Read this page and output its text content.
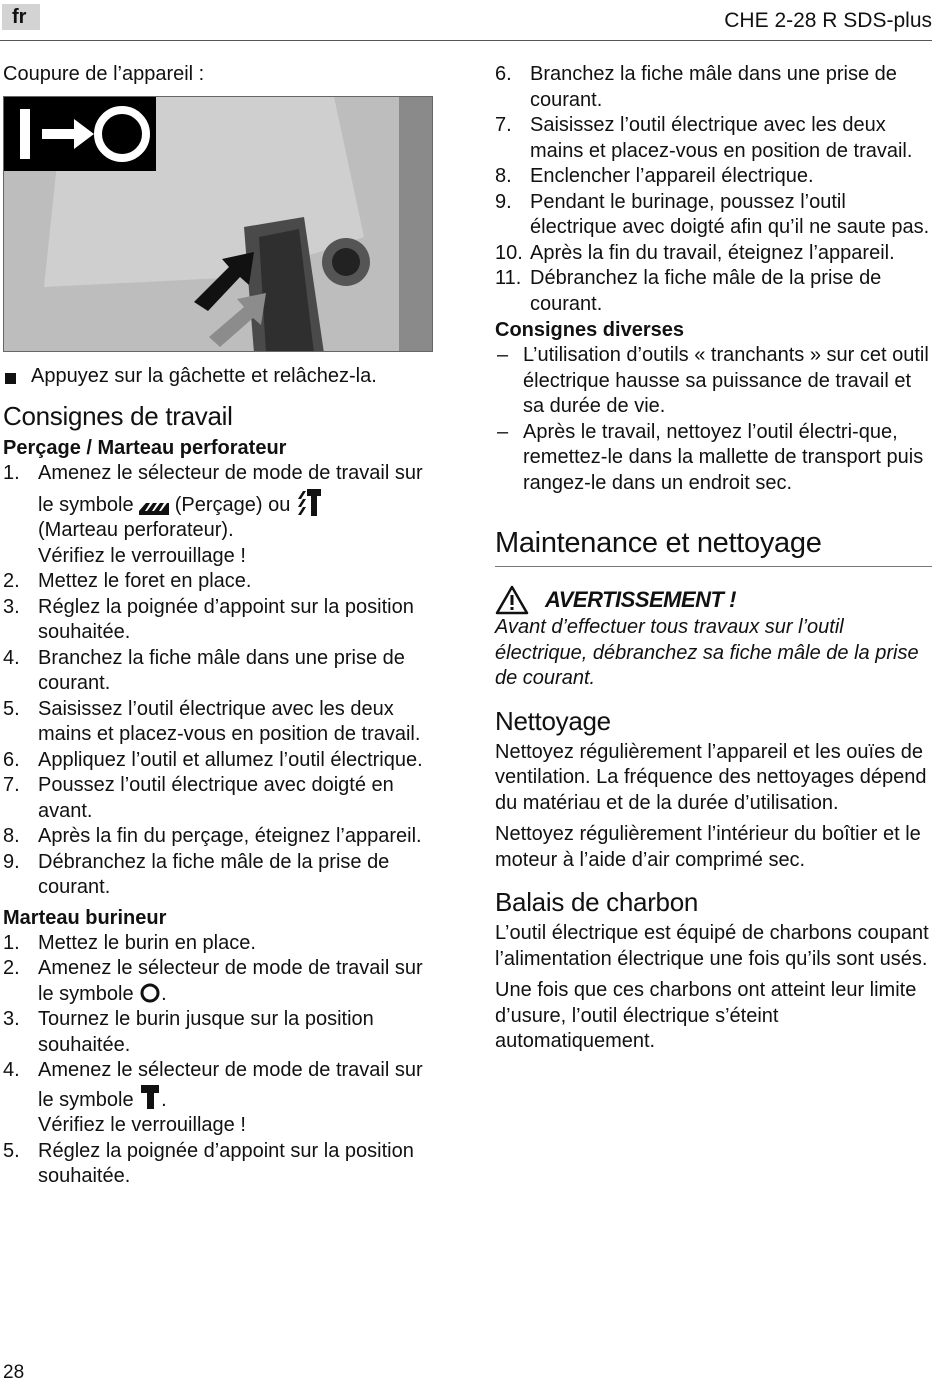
fr	CHE 2-28 R SDS-plus

Coupure de l’appareil :

Appuyez sur la gâchette et relâchez-la.
Consignes de travail
Perçage / Marteau perforateur
1. Amenez le sélecteur de mode de travail sur le symbole (Perçage) ou
(Marteau perforateur).
Vérifiez le verrouillage !
2. Mettez le foret en place.
3. Réglez la poignée d’appoint sur la position souhaitée.
4. Branchez la fiche mâle dans une prise de courant.
5. Saisissez l’outil électrique avec les deux mains et placez-vous en position de travail.
6. Appliquez l’outil et allumez l’outil électrique.
7. Poussez l’outil électrique avec doigté en avant.
8. Après la fin du perçage, éteignez l’appareil.
9. Débranchez la fiche mâle de la prise de courant.
Marteau burineur
1. Mettez le burin en place.
2. Amenez le sélecteur de mode de travail sur le symbole .
3. Tournez le burin jusque sur la position souhaitée.
4. Amenez le sélecteur de mode de travail sur le symbole .
Vérifiez le verrouillage !
5. Réglez la poignée d’appoint sur la position souhaitée.
6. Branchez la fiche mâle dans une prise de courant.
7. Saisissez l’outil électrique avec les deux mains et placez-vous en position de travail.
8. Enclencher l’appareil électrique.
9. Pendant le burinage, poussez l’outil électrique avec doigté afin qu’il ne saute pas.
10. Après la fin du travail, éteignez l’appareil.
11. Débranchez la fiche mâle de la prise de courant.
Consignes diverses
– L’utilisation d’outils « tranchants » sur cet outil électrique hausse sa puissance de travail et sa durée de vie.
– Après le travail, nettoyez l’outil électri-que, remettez-le dans la mallette de transport puis rangez-le dans un endroit sec.
Maintenance et nettoyage
AVERTISSEMENT !

Avant d’effectuer tous travaux sur l’outil électrique, débranchez sa fiche mâle de la prise de courant.

Nettoyage

Nettoyez régulièrement l’appareil et les ouïes de ventilation. La fréquence des nettoyages dépend du matériau et de la durée d’utilisation.

Nettoyez régulièrement l’intérieur du boîtier et le moteur à l’aide d’air comprimé sec.

Balais de charbon

L’outil électrique est équipé de charbons coupant l’alimentation électrique une fois qu’ils sont usés.

Une fois que ces charbons ont atteint leur limite d’usure, l’outil électrique s’éteint automatiquement.

28
